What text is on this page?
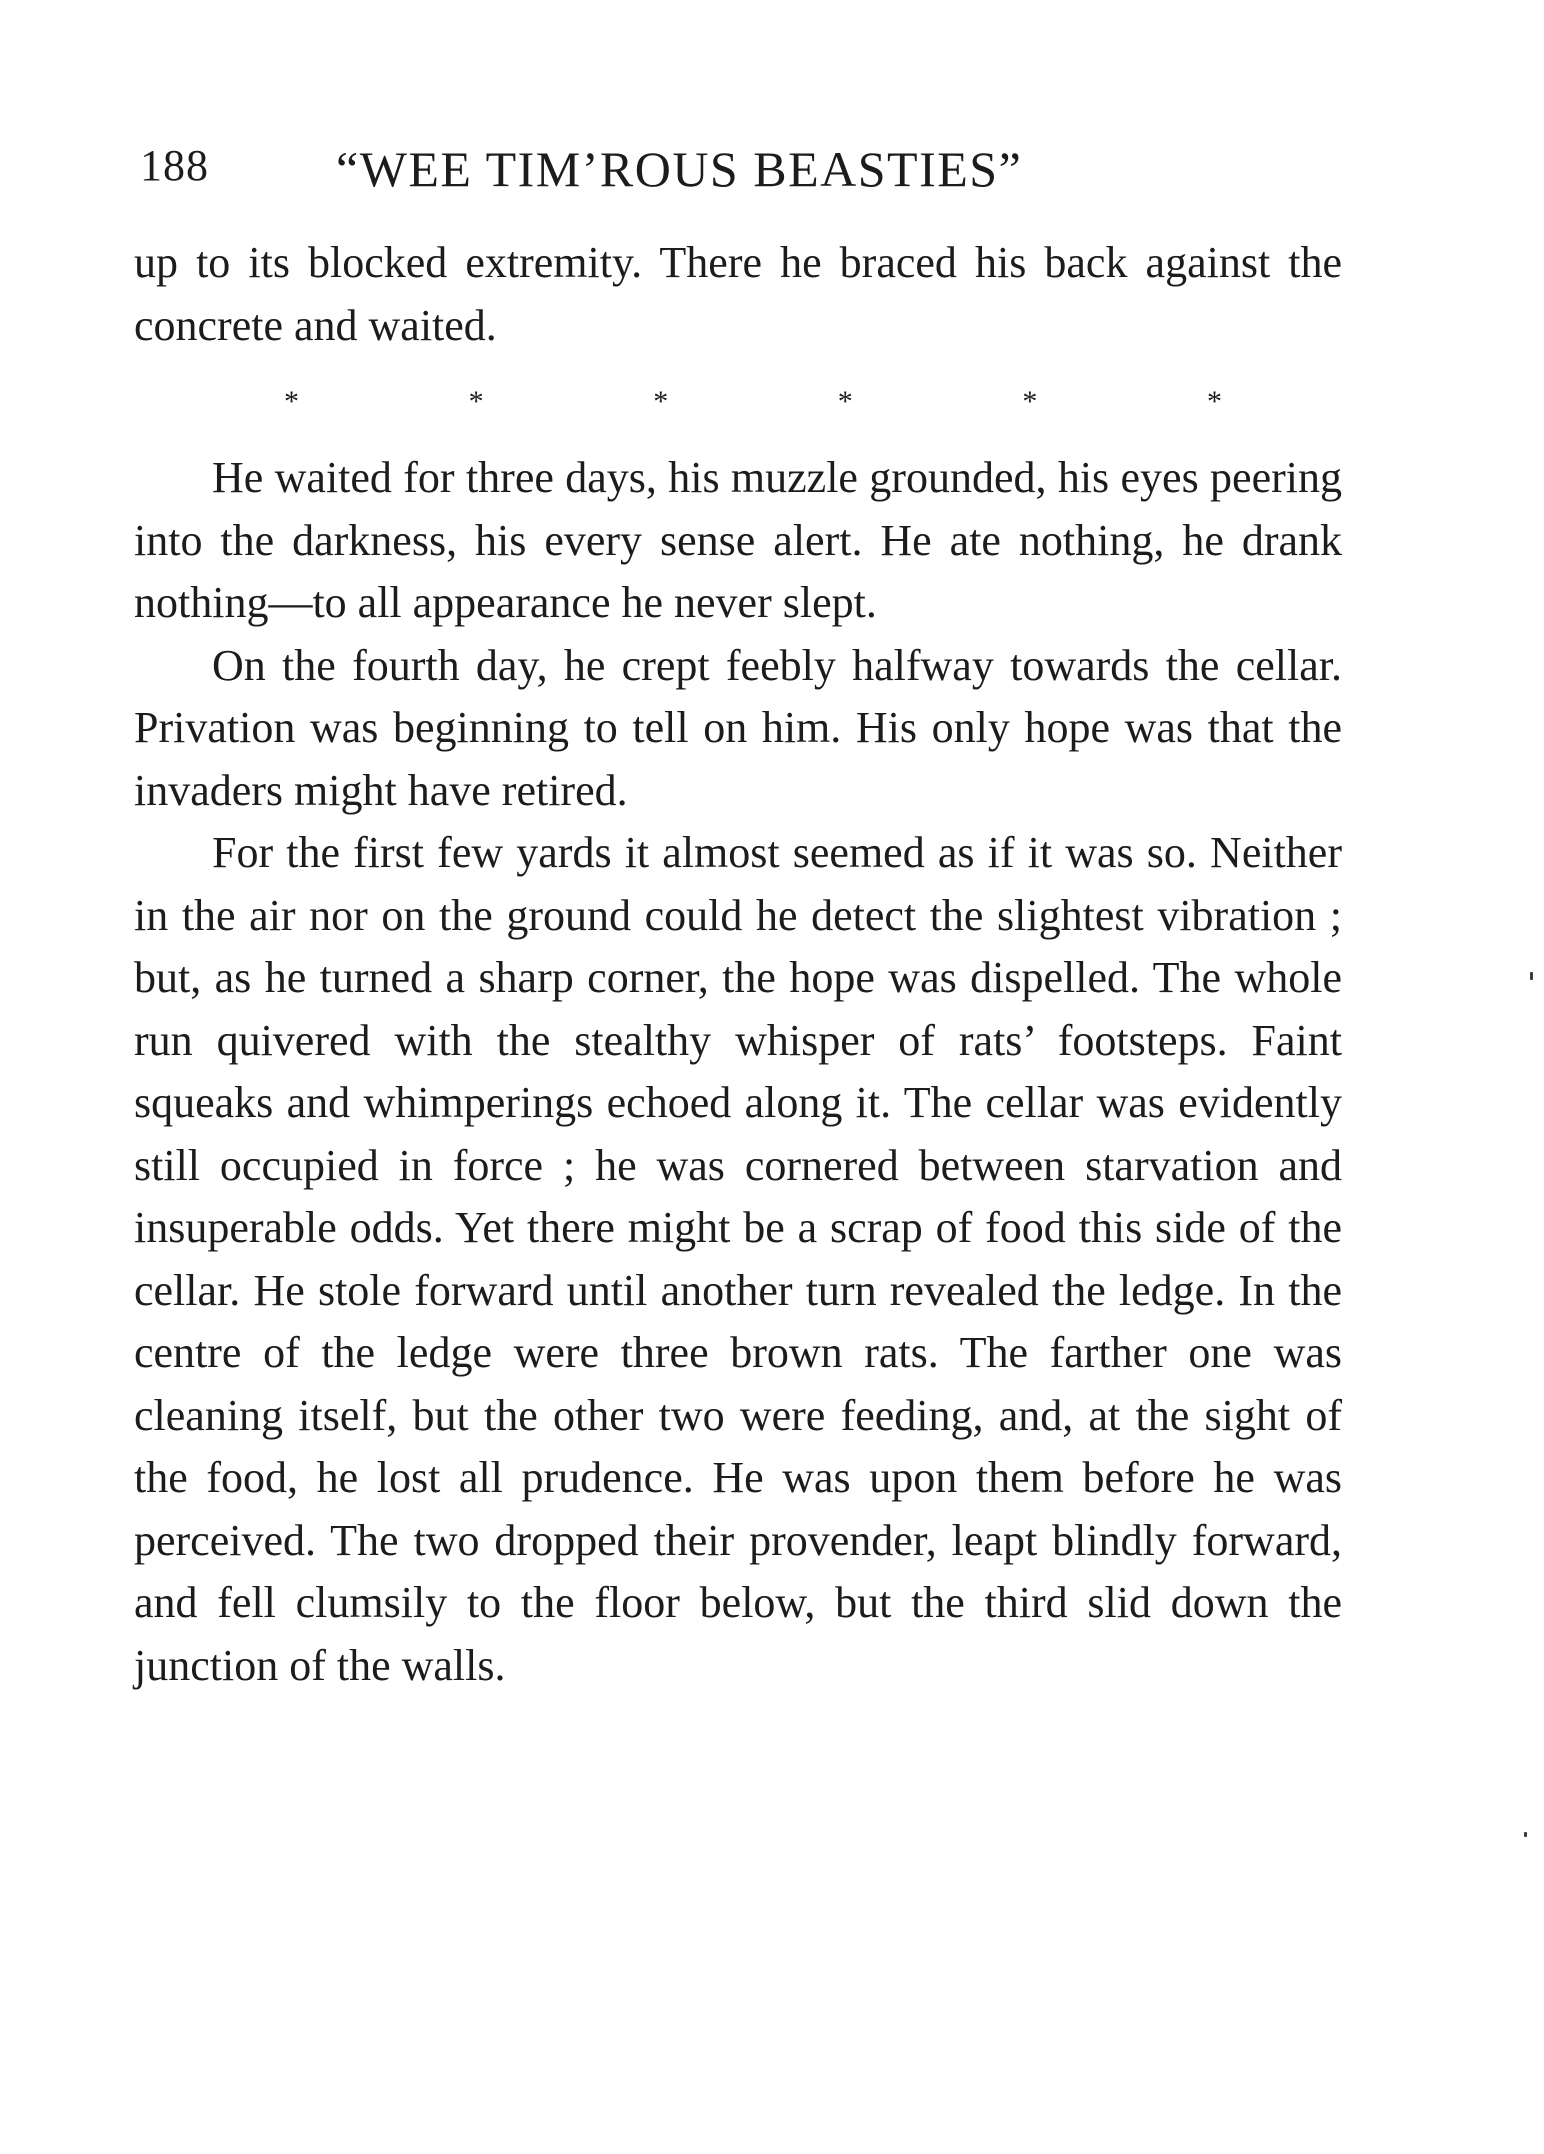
188	“WEE TIM’ROUS BEASTIES”

up to its blocked extremity. There he braced his back against the concrete and waited.

*	*	*	*	*	*

He waited for three days, his muzzle grounded, his eyes peering into the darkness, his every sense alert. He ate nothing, he drank nothing—to all appearance he never slept.

On the fourth day, he crept feebly halfway towards the cellar. Privation was beginning to tell on him. His only hope was that the invaders might have retired.

For the first few yards it almost seemed as if it was so. Neither in the air nor on the ground could he detect the slightest vibration ; but, as he turned a sharp corner, the hope was dispelled. The whole run quivered with the stealthy whisper of rats’ footsteps. Faint squeaks and whimperings echoed along it. The cellar was evidently still occupied in force ; he was cornered between starvation and insuperable odds. Yet there might be a scrap of food this side of the cellar. He stole forward until another turn revealed the ledge. In the centre of the ledge were three brown rats. The farther one was cleaning itself, but the other two were feeding, and, at the sight of the food, he lost all prudence. He was upon them before he was perceived. The two dropped their provender, leapt blindly forward, and fell clumsily to the floor below, but the third slid down the junction of the walls.
